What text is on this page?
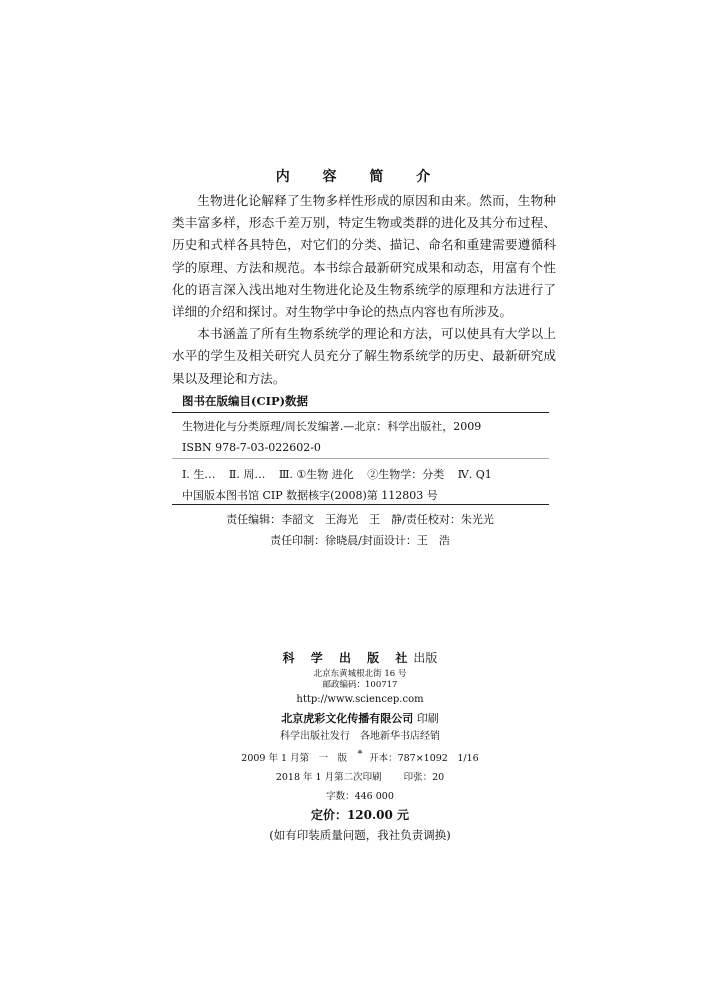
内 容 简 介

生物进化论解释了生物多样性形成的原因和由来。然而，生物种类丰富多样，形态千差万别，特定生物或类群的进化及其分布过程、历史和式样各具特色，对它们的分类、描记、命名和重建需要遵循科学的原理、方法和规范。本书综合最新研究成果和动态，用富有个性化的语言深入浅出地对生物进化论及生物系统学的原理和方法进行了详细的介绍和探讨。对生物学中争论的热点内容也有所涉及。

本书涵盖了所有生物系统学的理论和方法，可以使具有大学以上水平的学生及相关研究人员充分了解生物系统学的历史、最新研究成果以及理论和方法。

图书在版编目(CIP)数据
生物进化与分类原理/周长发编著.—北京：科学出版社，2009
ISBN 978-7-03-022602-0
Ⅰ. 生… Ⅱ. 周… Ⅲ. ①生物 进化 ②生物学：分类 Ⅳ. Q1
中国版本图书馆 CIP 数据核字(2008)第 112803 号
责任编辑：李韶文　王海光　王　静/责任校对：朱光光
责任印制：徐晓晨/封面设计：王　浩
科 学 出 版 社出版
北京东黄城根北街 16 号
邮政编码：100717
http://www.sciencep.com
北京虎彩文化传播有限公司 印刷
科学出版社发行　各地新华书店经销
*
2009 年 1 月第　一　版 开本：787×1092　1/16
2018 年 1 月第二次印刷 印张：20
字数：446 000
定价：120.00 元
(如有印装质量问题，我社负责调换)
